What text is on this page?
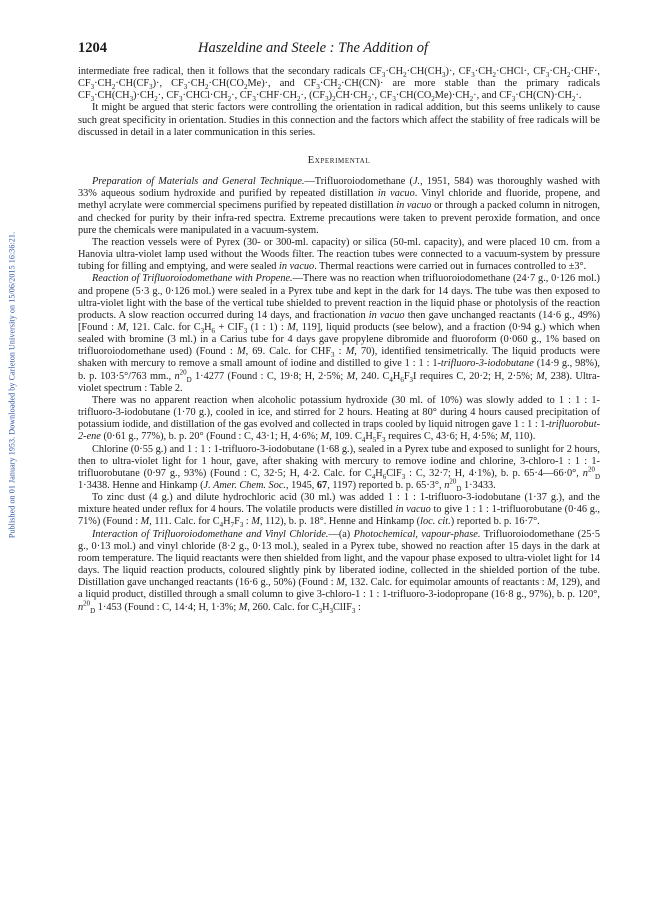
Published on 01 January 1953. Downloaded by Carleton University on 15/06/2015 16:36:21.
1204	Haszeldine and Steele : The Addition of

intermediate free radical, then it follows that the secondary radicals $CF_3\cdot CH_2\cdot CH(CH_3)\cdot$, $CF_3\cdot CH_2\cdot CHCl\cdot$, $CF_3\cdot CH_2\cdot CHF\cdot$, $CF_3\cdot CH_2\cdot CH(CF_3)\cdot$, $CF_3\cdot CH_2\cdot CH(CO_2Me)\cdot$, and $CF_3\cdot CH_2\cdot CH(CN)\cdot$ are more stable than the primary radicals $CF_3\cdot CH(CH_3)\cdot CH_2\cdot$, $CF_3\cdot CHCl\cdot CH_2\cdot$, $CF_3\cdot CHF\cdot CH_2\cdot$, $(CF_3)_2CH\cdot CH_2\cdot$, $CF_3\cdot CH(CO_2Me)\cdot CH_2\cdot$, and $CF_3\cdot CH(CN)\cdot CH_2\cdot$.

It might be argued that steric factors were controlling the orientation in radical addition, but this seems unlikely to cause such great specificity in orientation. Studies in this connection and the factors which affect the stability of free radicals will be discussed in detail in a later communication in this series.

Experimental

Preparation of Materials and General Technique.—Trifluoroiodomethane (J., 1951, 584) was thoroughly washed with 33% aqueous sodium hydroxide and purified by repeated distillation in vacuo. Vinyl chloride and fluoride, propene, and methyl acrylate were commercial specimens purified by repeated distillation in vacuo or through a packed column in nitrogen, and checked for purity by their infra-red spectra. Extreme precautions were taken to prevent peroxide formation, and once pure the chemicals were manipulated in a vacuum-system.

The reaction vessels were of Pyrex (30- or 300-ml. capacity) or silica (50-ml. capacity), and were placed 10 cm. from a Hanovia ultra-violet lamp used without the Woods filter. The reaction tubes were connected to a vacuum-system by pressure tubing for filling and emptying, and were sealed in vacuo. Thermal reactions were carried out in furnaces controlled to ±3°.

Reaction of Trifluoroiodomethane with Propene.—There was no reaction when trifluoroiodomethane (24·7 g., 0·126 mol.) and propene (5·3 g., 0·126 mol.) were sealed in a Pyrex tube and kept in the dark for 14 days. The tube was then exposed to ultra-violet light with the base of the vertical tube shielded to prevent reaction in the liquid phase or photolysis of the reaction products. A slow reaction occurred during 14 days, and fractionation in vacuo then gave unchanged reactants (14·6 g., 49%) [Found : M, 121. Calc. for $C_3H_6 + CIF_3$ (1 : 1) : M, 119], liquid products (see below), and a fraction (0·94 g.) which when sealed with bromine (3 ml.) in a Carius tube for 4 days gave propylene dibromide and fluoroform (0·060 g., 1% based on trifluoroiodomethane used) (Found : M, 69. Calc. for $CHF_3$ : M, 70), identified tensimetrically. The liquid products were shaken with mercury to remove a small amount of iodine and distilled to give 1 : 1 : 1-trifluoro-3-iodobutane (14·9 g., 98%), b. p. 103·5°/763 mm., $n^{20}_D$ 1·4277 (Found : C, 19·8; H, 2·5%; M, 240. $C_4H_6F_3I$ requires C, 20·2; H, 2·5%; M, 238). Ultra-violet spectrum : Table 2.

There was no apparent reaction when alcoholic potassium hydroxide (30 ml. of 10%) was slowly added to 1 : 1 : 1-trifluoro-3-iodobutane (1·70 g.), cooled in ice, and stirred for 2 hours. Heating at 80° during 4 hours caused precipitation of potassium iodide, and distillation of the gas evolved and collected in traps cooled by liquid nitrogen gave 1 : 1 : 1-trifluorobut-2-ene (0·61 g., 77%), b. p. 20° (Found : C, 43·1; H, 4·6%; M, 109. $C_4H_5F_3$ requires C, 43·6; H, 4·5%; M, 110).

Chlorine (0·55 g.) and 1 : 1 : 1-trifluoro-3-iodobutane (1·68 g.), sealed in a Pyrex tube and exposed to sunlight for 2 hours, then to ultra-violet light for 1 hour, gave, after shaking with mercury to remove iodine and chlorine, 3-chloro-1 : 1 : 1-trifluorobutane (0·97 g., 93%) (Found : C, 32·5; H, 4·2. Calc. for $C_4H_6ClF_3$ : C, 32·7; H, 4·1%), b. p. 65·4—66·0°, $n^{20}_D$ 1·3438. Henne and Hinkamp (J. Amer. Chem. Soc., 1945, 67, 1197) reported b. p. 65·3°, $n^{20}_D$ 1·3433.

To zinc dust (4 g.) and dilute hydrochloric acid (30 ml.) was added 1 : 1 : 1-trifluoro-3-iodobutane (1·37 g.), and the mixture heated under reflux for 4 hours. The volatile products were distilled in vacuo to give 1 : 1 : 1-trifluorobutane (0·46 g., 71%) (Found : M, 111. Calc. for $C_4H_7F_3$ : M, 112), b. p. 18°. Henne and Hinkamp (loc. cit.) reported b. p. 16·7°.

Interaction of Trifluoroiodomethane and Vinyl Chloride.—(a) Photochemical, vapour-phase. Trifluoroiodomethane (25·5 g., 0·13 mol.) and vinyl chloride (8·2 g., 0·13 mol.), sealed in a Pyrex tube, showed no reaction after 15 days in the dark at room temperature. The liquid reactants were then shielded from light, and the vapour phase exposed to ultra-violet light for 14 days. The liquid reaction products, coloured slightly pink by liberated iodine, collected in the shielded portion of the tube. Distillation gave unchanged reactants (16·6 g., 50%) (Found : M, 132. Calc. for equimolar amounts of reactants : M, 129), and a liquid product, distilled through a small column to give 3-chloro-1 : 1 : 1-trifluoro-3-iodopropane (16·8 g., 97%), b. p. 120°, $n^{20}_D$ 1·453 (Found : C, 14·4; H, 1·3%; M, 260. Calc. for $C_3H_3ClIF_3$ :
